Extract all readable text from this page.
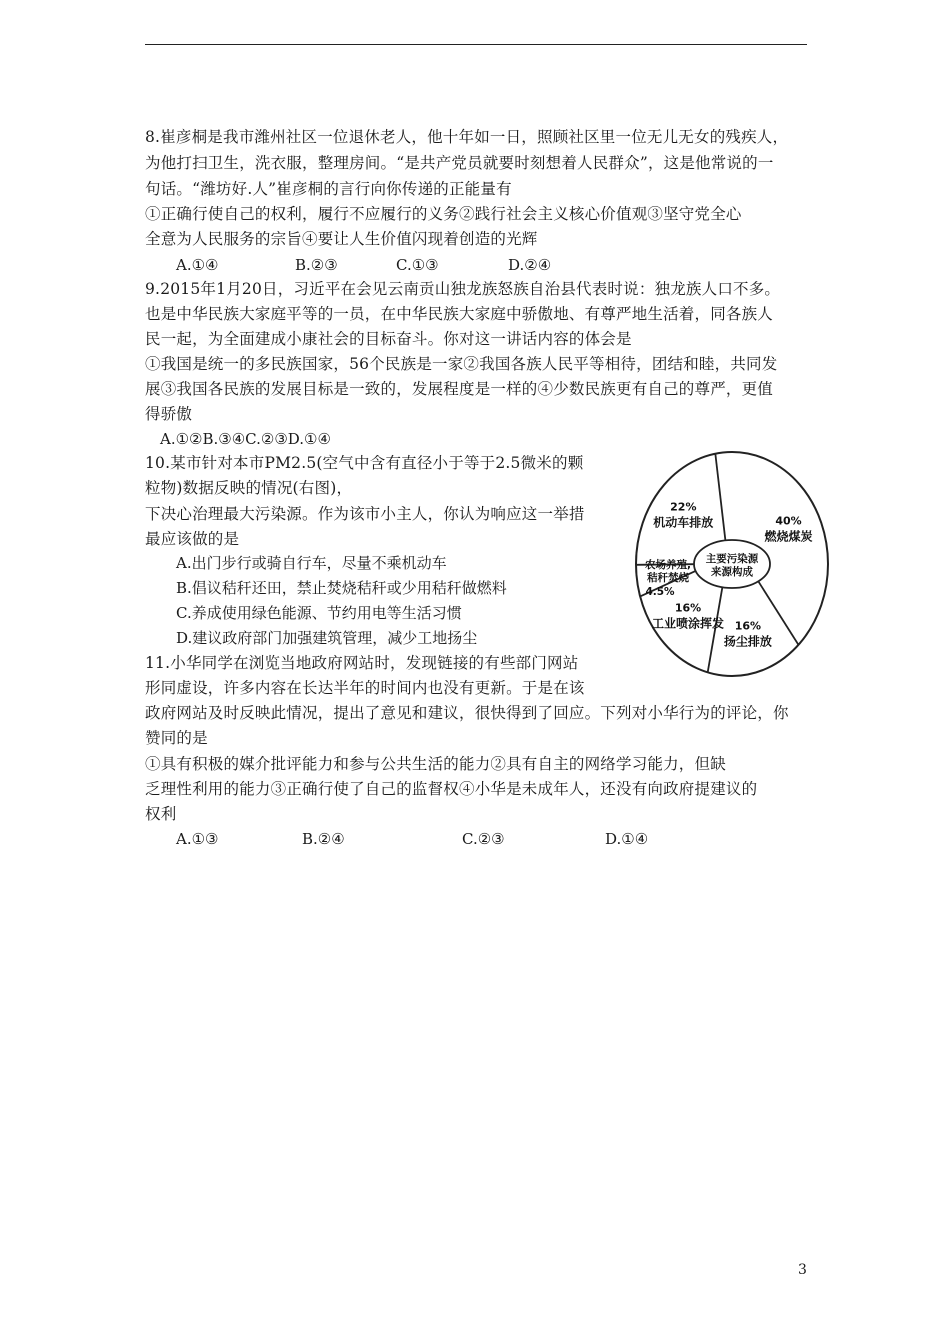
8.崔彦桐是我市潍州社区一位退休老人，他十年如一日，照顾社区里一位无儿无女的残疾人，
为他打扫卫生，洗衣服，整理房间。“是共产党员就要时刻想着人民群众”，这是他常说的一
句话。“潍坊好.人”崔彦桐的言行向你传递的正能量有
①正确行使自己的权利，履行不应履行的义务②践行社会主义核心价值观③坚守党全心
全意为人民服务的宗旨④要让人生价值闪现着创造的光辉
A.①④	B.②③	C.①③	D.②④
9.2015年1月20日，习近平在会见云南贡山独龙族怒族自治县代表时说：独龙族人口不多。
也是中华民族大家庭平等的一员，在中华民族大家庭中骄傲地、有尊严地生活着，同各族人
民一起，为全面建成小康社会的目标奋斗。你对这一讲话内容的体会是
①我国是统一的多民族国家，56个民族是一家②我国各族人民平等相待，团结和睦，共同发
展③我国各民族的发展目标是一致的，发展程度是一样的④少数民族更有自己的尊严，更值
得骄傲
A.①②B.③④C.②③D.①④
10.某市针对本市PM2.5(空气中含有直径小于等于2.5微米的颗
粒物)数据反映的情况(右图)，
下决心治理最大污染源。作为该市小主人，你认为响应这一举措
最应该做的是
A.出门步行或骑自行车，尽量不乘机动车
B.倡议秸秆还田，禁止焚烧秸秆或少用秸秆做燃料
C.养成使用绿色能源、节约用电等生活习惯
D.建议政府部门加强建筑管理，减少工地扬尘
主要污染源
来源构成
40%
燃烧煤炭
16%
扬尘排放
16%
工业喷涂挥发
农场养殖,
秸秆焚烧
4.5%
22%
机动车排放
11.小华同学在浏览当地政府网站时，发现链接的有些部门网站
形同虚设，许多内容在长达半年的时间内也没有更新。于是在该
政府网站及时反映此情况，提出了意见和建议，很快得到了回应。下列对小华行为的评论，你
赞同的是
①具有积极的媒介批评能力和参与公共生活的能力②具有自主的网络学习能力，但缺
乏理性利用的能力③正确行使了自己的监督权④小华是未成年人，还没有向政府提建议的
权利
A.①③	B.②④	C.②③	D.①④
3
